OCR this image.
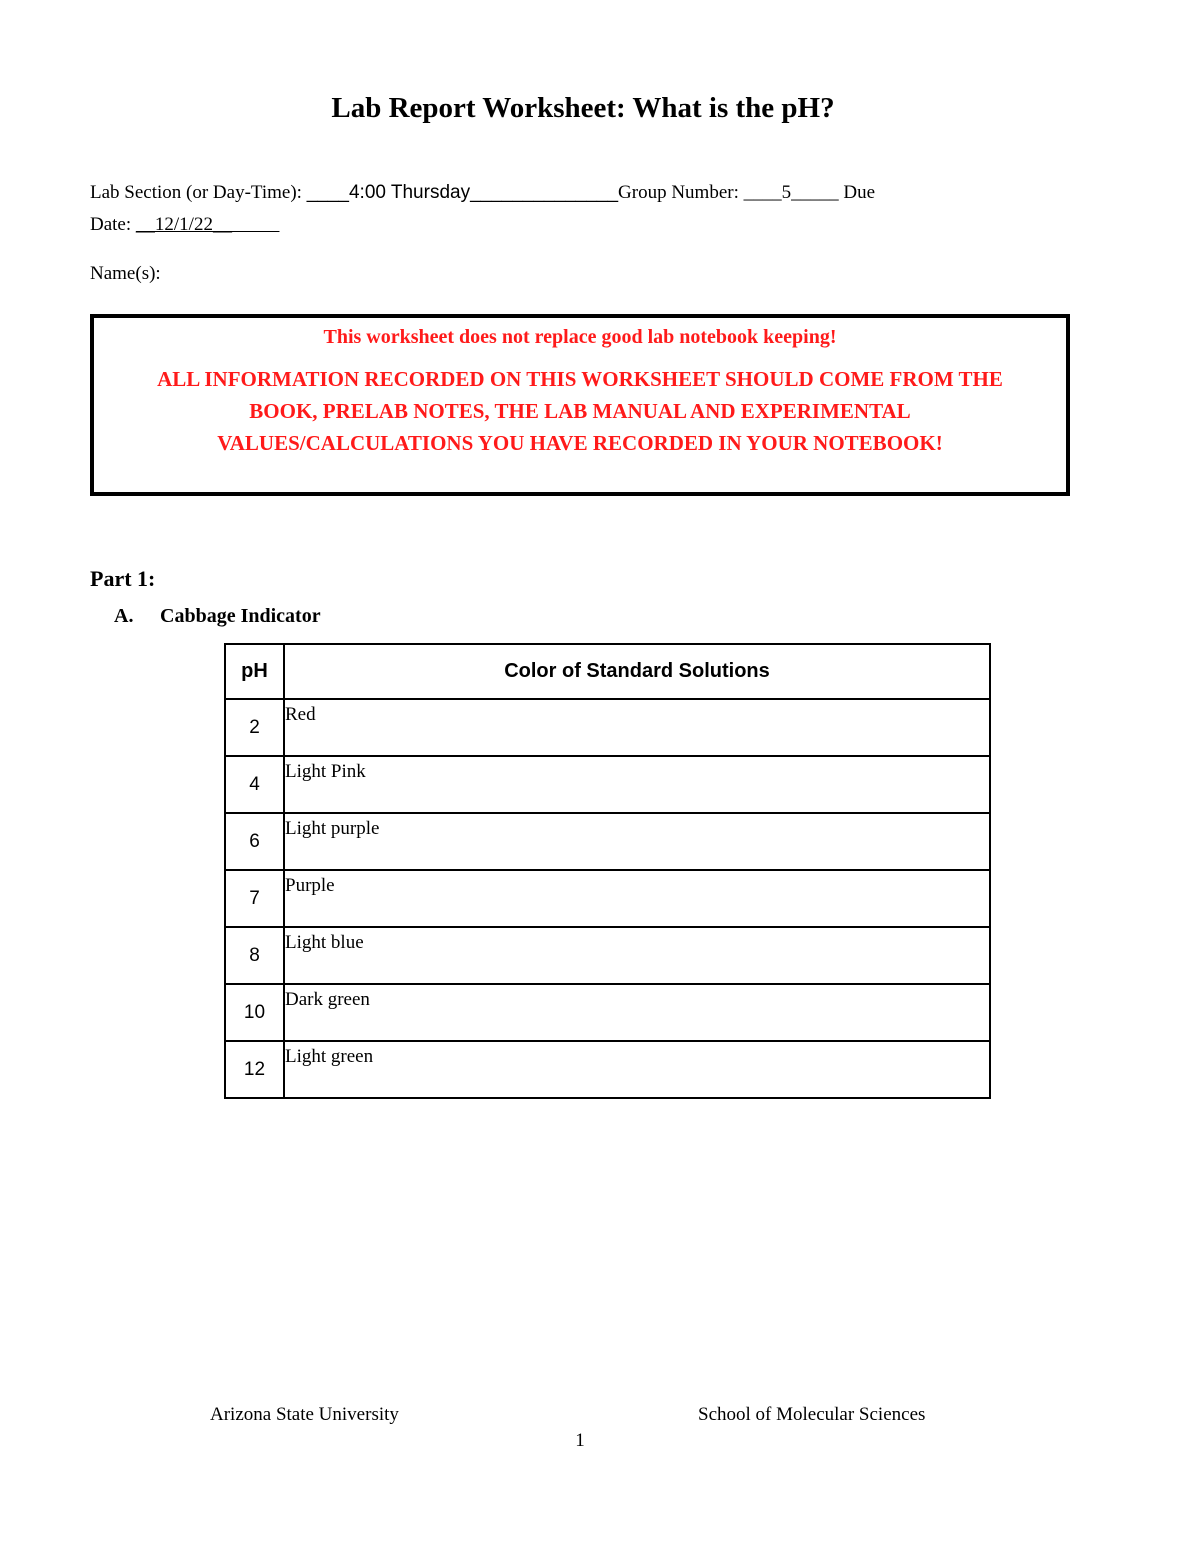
Lab Report Worksheet: What is the pH?
Lab Section (or Day-Time): ____4:00 Thursday______________Group Number: ____5_____ Due
Date: __12/1/22__
Name(s):
This worksheet does not replace good lab notebook keeping!
ALL INFORMATION RECORDED ON THIS WORKSHEET SHOULD COME FROM THE BOOK, PRELAB NOTES, THE LAB MANUAL AND EXPERIMENTAL VALUES/CALCULATIONS YOU HAVE RECORDED IN YOUR NOTEBOOK!
Part 1:
A. Cabbage Indicator
pH	Color of Standard Solutions
2	Red
4	Light Pink
6	Light purple
7	Purple
8	Light blue
10	Dark green
12	Light green
Arizona State University	School of Molecular Sciences
1
